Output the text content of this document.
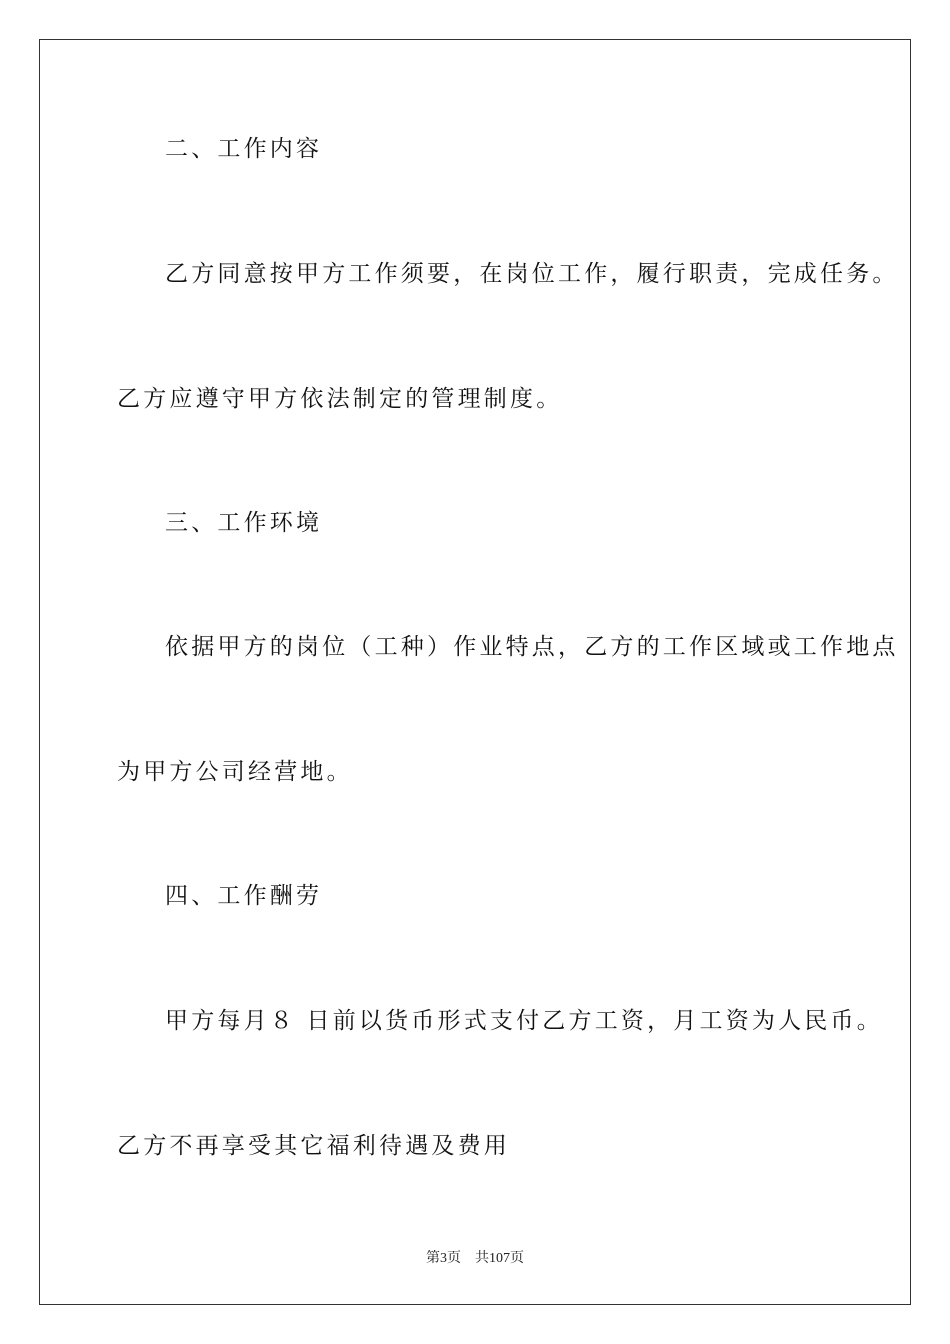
二、工作内容
乙方同意按甲方工作须要，在岗位工作，履行职责，完成任务。
乙方应遵守甲方依法制定的管理制度。
三、工作环境
依据甲方的岗位（工种）作业特点，乙方的工作区域或工作地点
为甲方公司经营地。
四、工作酬劳
甲方每月８ 日前以货币形式支付乙方工资，月工资为人民币。
乙方不再享受其它福利待遇及费用
第3页    共107页
